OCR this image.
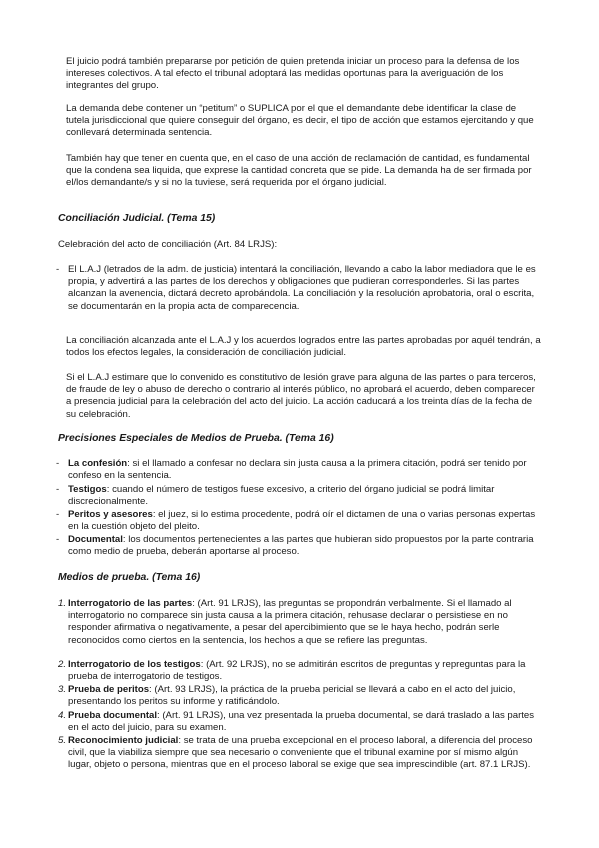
El juicio podrá también prepararse por petición de quien pretenda iniciar un proceso para la defensa de los intereses colectivos. A tal efecto el tribunal adoptará las medidas oportunas para la averiguación de los integrantes del grupo.

La demanda debe contener un “petitum” o SUPLICA por el que el demandante debe identificar la clase de tutela jurisdiccional que quiere conseguir del órgano, es decir, el tipo de acción que estamos ejercitando y que conllevará determinada sentencia.

También hay que tener en cuenta que, en el caso de una acción de reclamación de cantidad, es fundamental que la condena sea liquida, que exprese la cantidad concreta que se pide. La demanda ha de ser firmada por el/los demandante/s y si no la tuviese, será requerida por el órgano judicial.

Conciliación Judicial. (Tema 15)

Celebración del acto de conciliación (Art. 84 LRJS):

- El L.A.J (letrados de la adm. de justicia) intentará la conciliación, llevando a cabo la labor mediadora que le es propia, y advertirá a las partes de los derechos y obligaciones que pudieran corresponderles. Si las partes alcanzan la avenencia, dictará decreto aprobándola. La conciliación y la resolución aprobatoria, oral o escrita, se documentarán en la propia acta de comparecencia.

La conciliación alcanzada ante el L.A.J y los acuerdos logrados entre las partes aprobadas por aquél tendrán, a todos los efectos legales, la consideración de conciliación judicial.

Si el L.A.J estimare que lo convenido es constitutivo de lesión grave para alguna de las partes o para terceros, de fraude de ley o abuso de derecho o contrario al interés público, no aprobará el acuerdo, deben comparecer a presencia judicial para la celebración del acto del juicio. La acción caducará a los treinta días de la fecha de su celebración.

Precisiones Especiales de Medios de Prueba. (Tema 16)

- La confesión: si el llamado a confesar no declara sin justa causa a la primera citación, podrá ser tenido por confeso en la sentencia.

- Testigos: cuando el número de testigos fuese excesivo, a criterio del órgano judicial se podrá limitar discrecionalmente.

- Peritos y asesores: el juez, si lo estima procedente, podrá oír el dictamen de una o varias personas expertas en la cuestión objeto del pleito.

- Documental: los documentos pertenecientes a las partes que hubieran sido propuestos por la parte contraria como medio de prueba, deberán aportarse al proceso.

Medios de prueba. (Tema 16)

1. Interrogatorio de las partes: (Art. 91 LRJS), las preguntas se propondrán verbalmente. Si el llamado al interrogatorio no comparece sin justa causa a la primera citación, rehusase declarar o persistiese en no responder afirmativa o negativamente, a pesar del apercibimiento que se le haya hecho, podrán serle reconocidos como ciertos en la sentencia, los hechos a que se refiere las preguntas.

2. Interrogatorio de los testigos: (Art. 92 LRJS), no se admitirán escritos de preguntas y repreguntas para la prueba de interrogatorio de testigos.

3. Prueba de peritos: (Art. 93 LRJS), la práctica de la prueba pericial se llevará a cabo en el acto del juicio, presentando los peritos su informe y ratificándolo.

4. Prueba documental: (Art. 91 LRJS), una vez presentada la prueba documental, se dará traslado a las partes en el acto del juicio, para su examen.

5. Reconocimiento judicial: se trata de una prueba excepcional en el proceso laboral, a diferencia del proceso civil, que la viabiliza siempre que sea necesario o conveniente que el tribunal examine por sí mismo algún lugar, objeto o persona, mientras que en el proceso laboral se exige que sea imprescindible (art. 87.1 LRJS).
